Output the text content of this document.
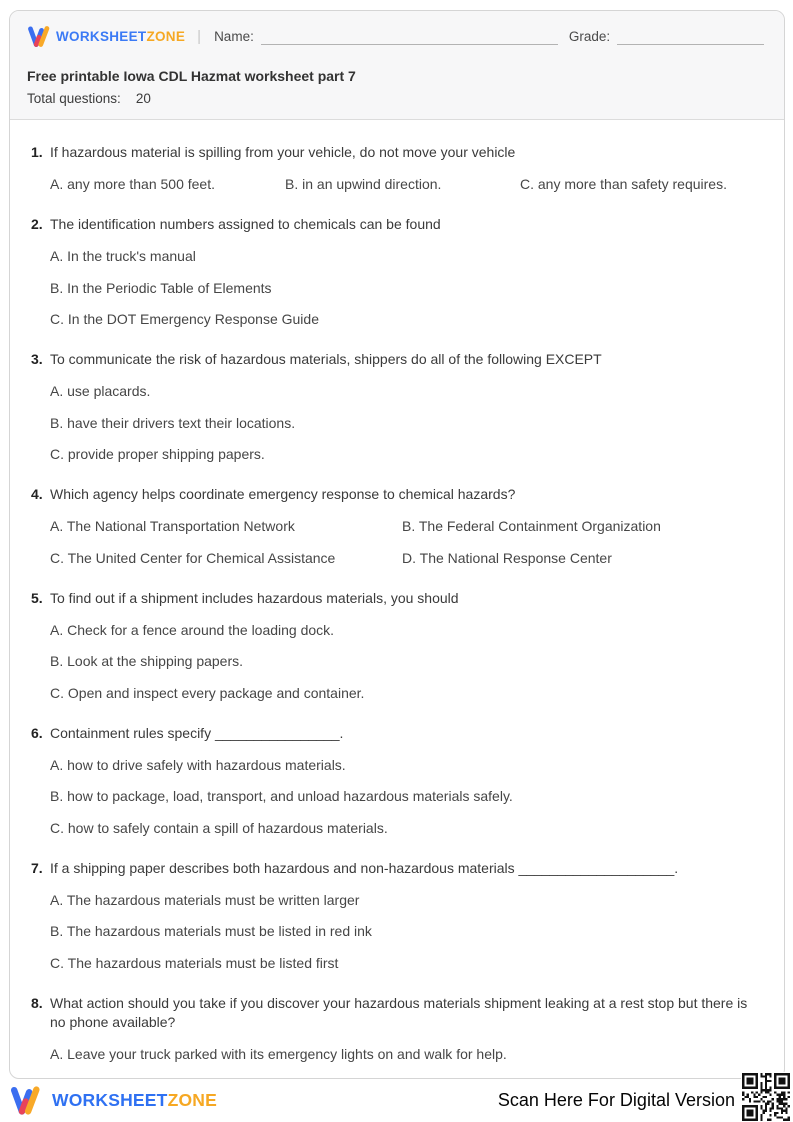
WORKSHEETZONE | Name:	Grade:
Free printable Iowa CDL Hazmat worksheet part 7
Total questions: 20
1. If hazardous material is spilling from your vehicle, do not move your vehicle
A. any more than 500 feet.	B. in an upwind direction.	C. any more than safety requires.
2. The identification numbers assigned to chemicals can be found
A. In the truck's manual
B. In the Periodic Table of Elements
C. In the DOT Emergency Response Guide
3. To communicate the risk of hazardous materials, shippers do all of the following EXCEPT
A. use placards.
B. have their drivers text their locations.
C. provide proper shipping papers.
4. Which agency helps coordinate emergency response to chemical hazards?
A. The National Transportation Network	B. The Federal Containment Organization
C. The United Center for Chemical Assistance	D. The National Response Center
5. To find out if a shipment includes hazardous materials, you should
A. Check for a fence around the loading dock.
B. Look at the shipping papers.
C. Open and inspect every package and container.
6. Containment rules specify ________________.
A. how to drive safely with hazardous materials.
B. how to package, load, transport, and unload hazardous materials safely.
C. how to safely contain a spill of hazardous materials.
7. If a shipping paper describes both hazardous and non-hazardous materials ____________________.
A. The hazardous materials must be written larger
B. The hazardous materials must be listed in red ink
C. The hazardous materials must be listed first
8. What action should you take if you discover your hazardous materials shipment leaking at a rest stop but there is no phone available?
A. Leave your truck parked with its emergency lights on and walk for help.
WORKSHEETZONE	Scan Here For Digital Version
